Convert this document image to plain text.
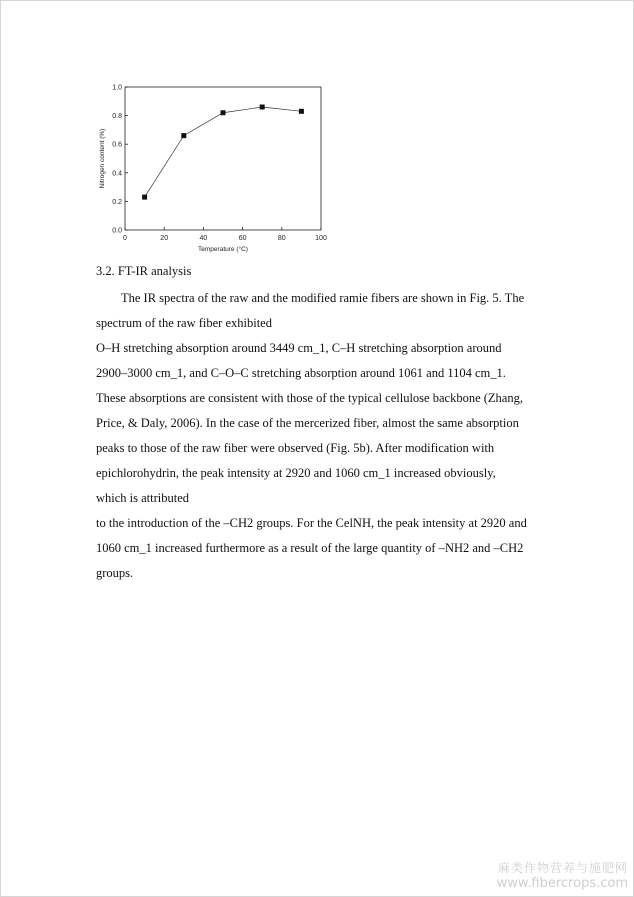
0	20	40	60	80	100
0.0
0.2
0.4
0.6
0.8
1.0
Temperature (°C)
Nitrogen content (%)
3.2. FT-IR analysis

The IR spectra of the raw and the modified ramie fibers are shown in Fig. 5. The
spectrum of the raw fiber exhibited

O–H stretching absorption around 3449 cm_1, C–H stretching absorption around
2900–3000 cm_1, and C–O–C stretching absorption around 1061 and 1104 cm_1.
These absorptions are consistent with those of the typical cellulose backbone (Zhang,
Price, & Daly, 2006). In the case of the mercerized fiber, almost the same absorption
peaks to those of the raw fiber were observed (Fig. 5b). After modification with
epichlorohydrin, the peak intensity at 2920 and 1060 cm_1 increased obviously,
which is attributed

to the introduction of the –CH2 groups. For the CelNH, the peak intensity at 2920 and
1060 cm_1 increased furthermore as a result of the large quantity of –NH2 and –CH2
groups.

麻类作物营养与施肥网
www.fibercrops.com
